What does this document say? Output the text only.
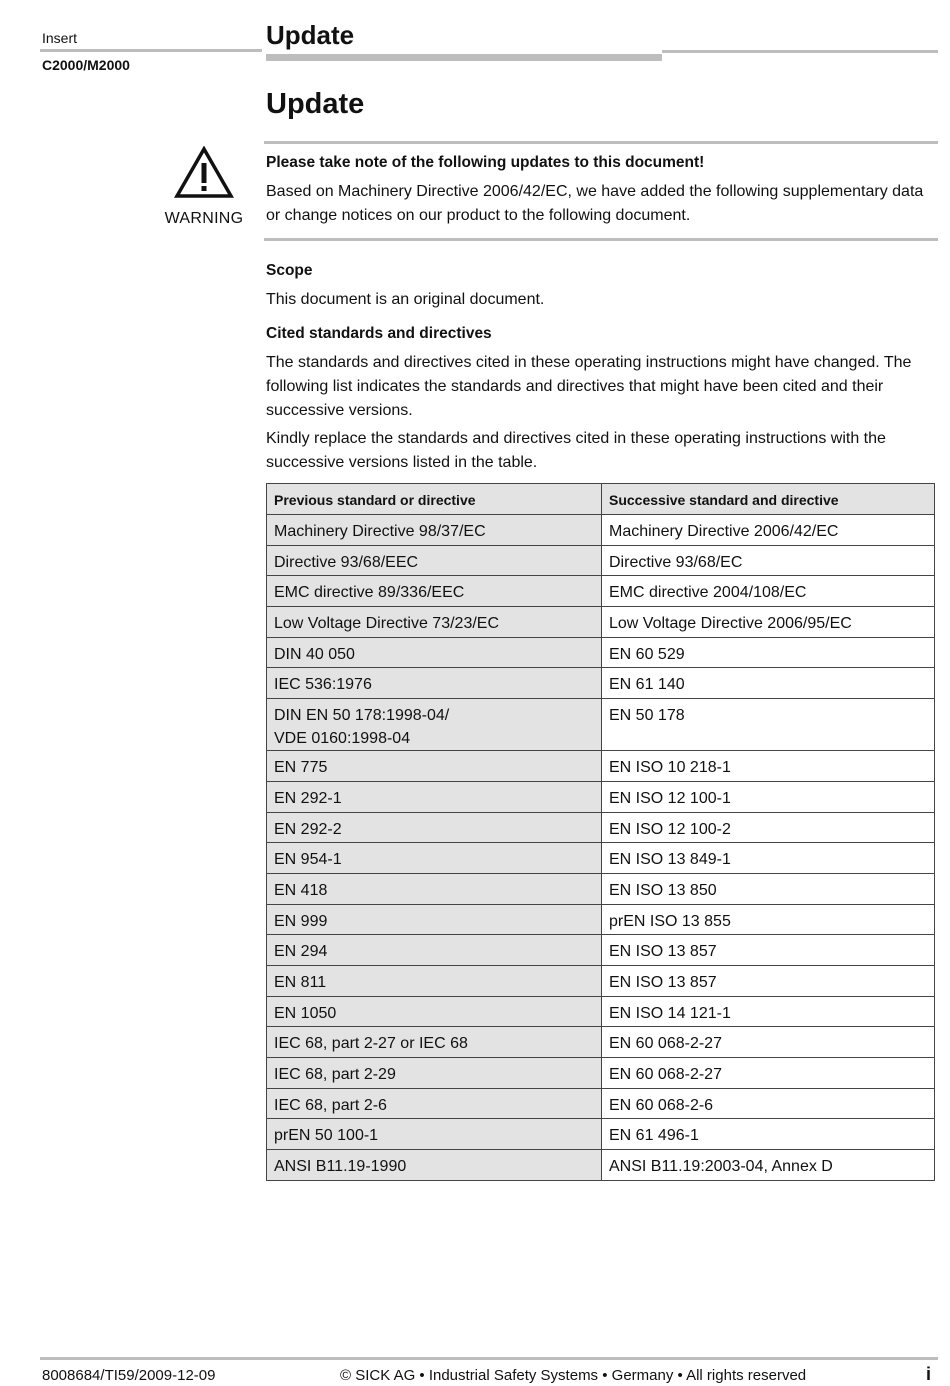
Insert
C2000/M2000
Update
Update
WARNING
Please take note of the following updates to this document!
Based on Machinery Directive 2006/42/EC, we have added the following supplementary data or change notices on our product to the following document.
Scope
This document is an original document.
Cited standards and directives
The standards and directives cited in these operating instructions might have changed. The following list indicates the standards and directives that might have been cited and their successive versions.
Kindly replace the standards and directives cited in these operating instructions with the successive versions listed in the table.
Previous standard or directive	Successive standard and directive
Machinery Directive 98/37/EC	Machinery Directive 2006/42/EC
Directive 93/68/EEC	Directive 93/68/EC
EMC directive 89/336/EEC	EMC directive 2004/108/EC
Low Voltage Directive 73/23/EC	Low Voltage Directive 2006/95/EC
DIN 40 050	EN 60 529
IEC 536:1976	EN 61 140
DIN EN 50 178:1998-04/
VDE 0160:1998-04	EN 50 178
EN 775	EN ISO 10 218-1
EN 292-1	EN ISO 12 100-1
EN 292-2	EN ISO 12 100-2
EN 954-1	EN ISO 13 849-1
EN 418	EN ISO 13 850
EN 999	prEN ISO 13 855
EN 294	EN ISO 13 857
EN 811	EN ISO 13 857
EN 1050	EN ISO 14 121-1
IEC 68, part 2-27 or IEC 68	EN 60 068-2-27
IEC 68, part 2-29	EN 60 068-2-27
IEC 68, part 2-6	EN 60 068-2-6
prEN 50 100-1	EN 61 496-1
ANSI B11.19-1990	ANSI B11.19:2003-04, Annex D
8008684/TI59/2009-12-09	© SICK AG • Industrial Safety Systems • Germany • All rights reserved	i
